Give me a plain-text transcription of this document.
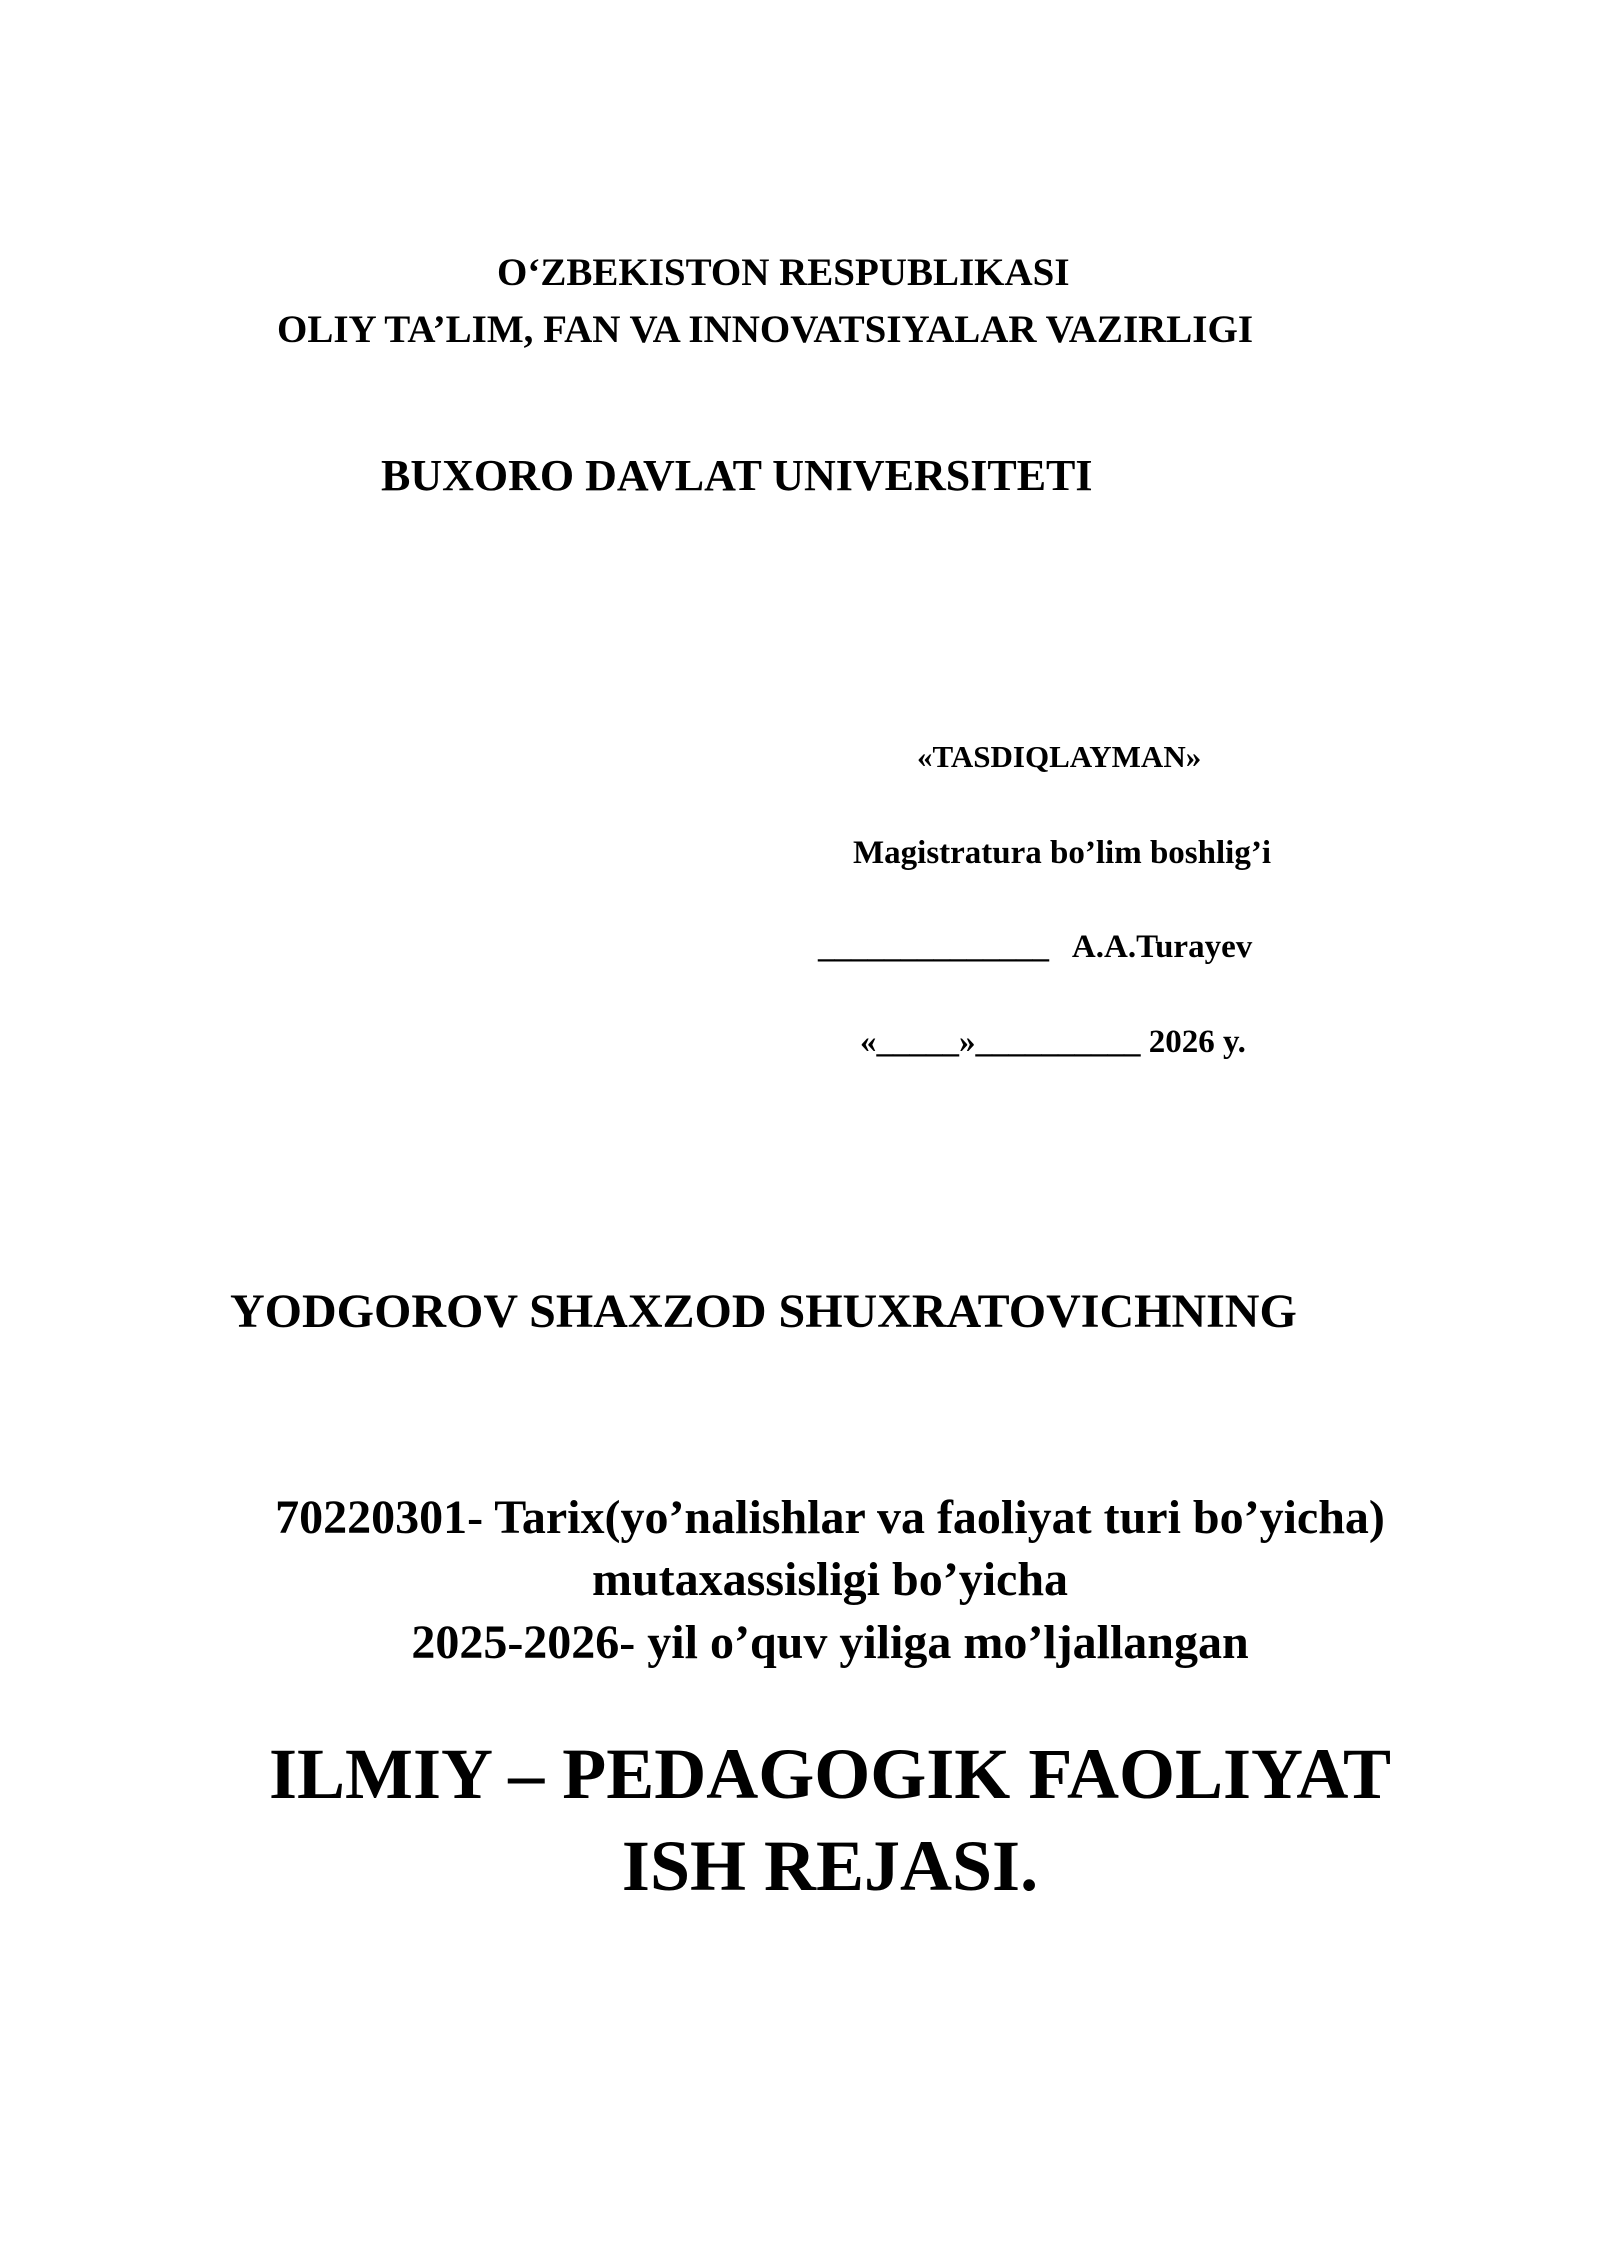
O‘ZBEKISTON RESPUBLIKASI
OLIY TA’LIM, FAN VA INNOVATSIYALAR VAZIRLIGI
BUXORO DAVLAT UNIVERSITETI
«TASDIQLAYMAN»
Magistratura bo’lim boshlig’i
______________   A.A.Turayev
«_____»__________ 2026 y.
YODGOROV SHAXZOD SHUXRATOVICHNING
70220301- Tarix(yo’nalishlar va faoliyat turi bo’yicha)
mutaxassisligi bo’yicha
2025-2026- yil o’quv yiliga mo’ljallangan
ILMIY – PEDAGOGIK FAOLIYAT
ISH REJASI.
